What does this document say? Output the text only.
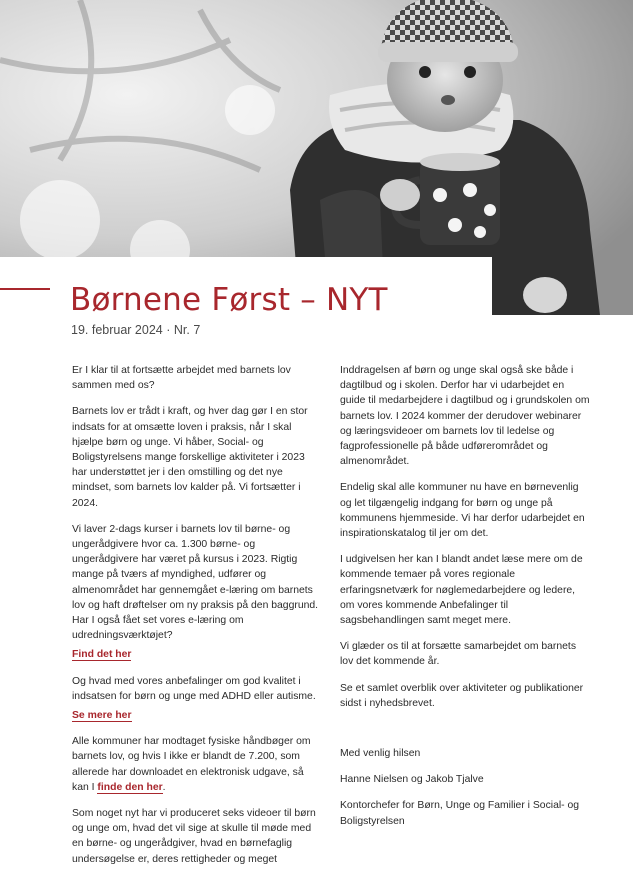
Børnene Først – NYT
19. februar 2024 · Nr. 7

Er I klar til at fortsætte arbejdet med barnets lov sammen med os?

Barnets lov er trådt i kraft, og hver dag gør I en stor indsats for at omsætte loven i praksis, når I skal hjælpe børn og unge. Vi håber, Social- og Boligstyrelsens mange forskellige aktiviteter i 2023 har understøttet jer i den omstilling og det nye mindset, som barnets lov kalder på. Vi fortsætter i 2024.

Vi laver 2-dags kurser i barnets lov til børne- og ungerådgivere hvor ca. 1.300 børne- og ungerådgivere har været på kursus i 2023. Rigtig mange på tværs af myndighed, udfører og almenområdet har gennemgået e-læring om barnets lov og haft drøftelser om ny praksis på den baggrund. Har I også fået set vores e-læring om udredningsværktøjet?

Find det her

Og hvad med vores anbefalinger om god kvalitet i indsatsen for børn og unge med ADHD eller autisme.

Se mere her

Alle kommuner har modtaget fysiske håndbøger om barnets lov, og hvis I ikke er blandt de 7.200, som allerede har downloadet en elektronisk udgave, så kan I finde den her.

Som noget nyt har vi produceret seks videoer til børn og unge om, hvad det vil sige at skulle til møde med en børne- og ungerådgiver, hvad en børnefaglig undersøgelse er, deres rettigheder og meget

Inddragelsen af børn og unge skal også ske både i dagtilbud og i skolen. Derfor har vi udarbejdet en guide til medarbejdere i dagtilbud og i grundskolen om barnets lov. I 2024 kommer der derudover webinarer og læringsvideoer om barnets lov til ledelse og fagprofessionelle på både udførerområdet og almenområdet.

Endelig skal alle kommuner nu have en børnevenlig og let tilgængelig indgang for børn og unge på kommunens hjemmeside. Vi har derfor udarbejdet en inspirationskatalog til jer om det.

I udgivelsen her kan I blandt andet læse mere om de kommende temaer på vores regionale erfaringsnetværk for nøglemedarbejdere og ledere, om vores kommende Anbefalinger til sagsbehandlingen samt meget mere.

Vi glæder os til at forsætte samarbejdet om barnets lov det kommende år.

Se et samlet overblik over aktiviteter og publikationer sidst i nyhedsbrevet.

Med venlig hilsen

Hanne Nielsen og Jakob Tjalve

Kontorchefer for Børn, Unge og Familier i Social- og Boligstyrelsen
